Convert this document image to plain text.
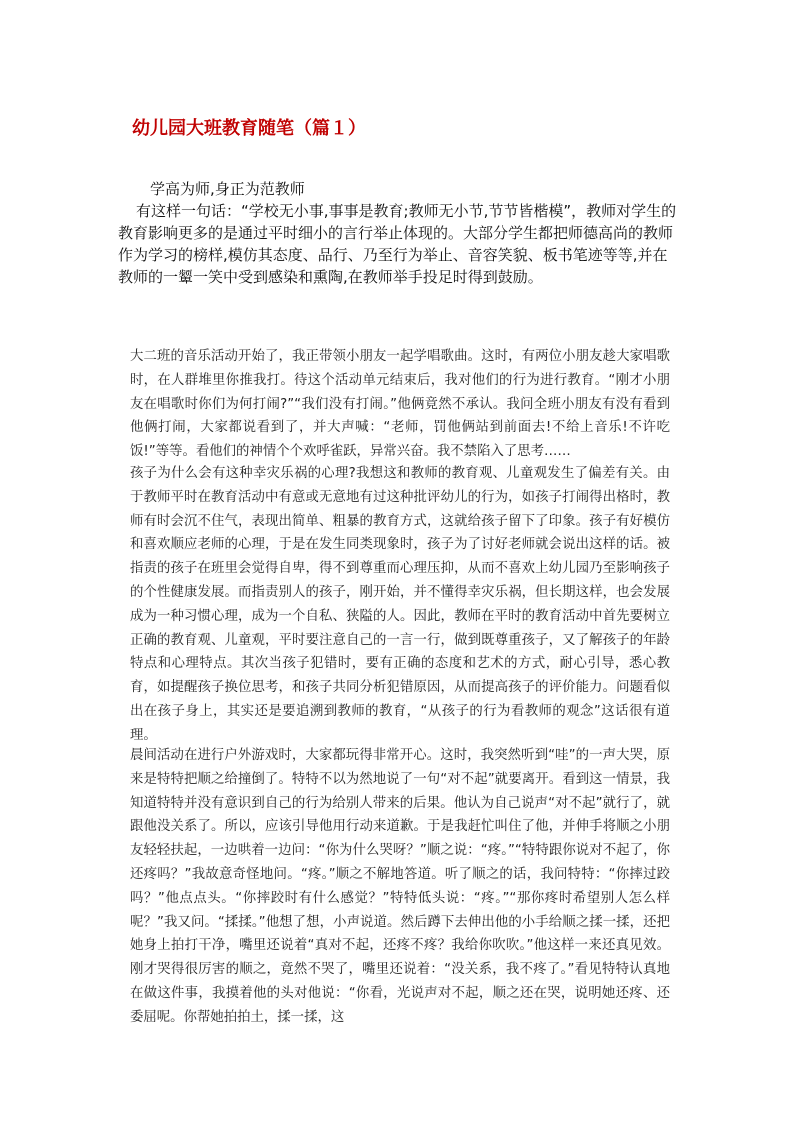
幼儿园大班教育随笔（篇１）
学高为师,身正为范教师
有这样一句话：“学校无小事,事事是教育;教师无小节,节节皆楷模”，教师对学生的教育影响更多的是通过平时细小的言行举止体现的。大部分学生都把师德高尚的教师作为学习的榜样,模仿其态度、品行、乃至行为举止、音容笑貌、板书笔迹等等,并在教师的一颦一笑中受到感染和熏陶,在教师举手投足时得到鼓励。
大二班的音乐活动开始了，我正带领小朋友一起学唱歌曲。这时，有两位小朋友趁大家唱歌时，在人群堆里你推我打。待这个活动单元结束后，我对他们的行为进行教育。“刚才小朋友在唱歌时你们为何打闹?”“我们没有打闹。”他俩竟然不承认。我问全班小朋友有没有看到他俩打闹，大家都说看到了，并大声喊：“老师，罚他俩站到前面去!不给上音乐!不许吃饭!”等等。看他们的神情个个欢呼雀跃，异常兴奋。我不禁陷入了思考……
孩子为什么会有这种幸灾乐祸的心理?我想这和教师的教育观、儿童观发生了偏差有关。由于教师平时在教育活动中有意或无意地有过这种批评幼儿的行为，如孩子打闹得出格时，教师有时会沉不住气，表现出简单、粗暴的教育方式，这就给孩子留下了印象。孩子有好模仿和喜欢顺应老师的心理，于是在发生同类现象时，孩子为了讨好老师就会说出这样的话。被指责的孩子在班里会觉得自卑，得不到尊重而心理压抑，从而不喜欢上幼儿园乃至影响孩子的个性健康发展。而指责别人的孩子，刚开始，并不懂得幸灾乐祸，但长期这样，也会发展成为一种习惯心理，成为一个自私、狭隘的人。因此，教师在平时的教育活动中首先要树立正确的教育观、儿童观，平时要注意自己的一言一行，做到既尊重孩子，又了解孩子的年龄特点和心理特点。其次当孩子犯错时，要有正确的态度和艺术的方式，耐心引导，悉心教育，如提醒孩子换位思考，和孩子共同分析犯错原因，从而提高孩子的评价能力。问题看似出在孩子身上，其实还是要追溯到教师的教育，“从孩子的行为看教师的观念”这话很有道理。
晨间活动在进行户外游戏时，大家都玩得非常开心。这时，我突然听到“哇”的一声大哭，原来是特特把顺之给撞倒了。特特不以为然地说了一句“对不起”就要离开。看到这一情景，我知道特特并没有意识到自己的行为给别人带来的后果。他认为自己说声“对不起”就行了，就跟他没关系了。所以，应该引导他用行动来道歉。于是我赶忙叫住了他，并伸手将顺之小朋友轻轻扶起，一边哄着一边问：“你为什么哭呀？”顺之说：“疼。”“特特跟你说对不起了，你还疼吗？”我故意奇怪地问。“疼。”顺之不解地答道。听了顺之的话，我问特特：“你摔过跤吗？”他点点头。“你摔跤时有什么感觉？”特特低头说：“疼。”“那你疼时希望别人怎么样呢？”我又问。“揉揉。”他想了想，小声说道。然后蹲下去伸出他的小手给顺之揉一揉，还把她身上拍打干净，嘴里还说着“真对不起，还疼不疼？我给你吹吹。”他这样一来还真见效。刚才哭得很厉害的顺之，竟然不哭了，嘴里还说着：“没关系，我不疼了。”看见特特认真地在做这件事，我摸着他的头对他说：“你看，光说声对不起，顺之还在哭，说明她还疼、还委屈呢。你帮她拍拍土，揉一揉，这
